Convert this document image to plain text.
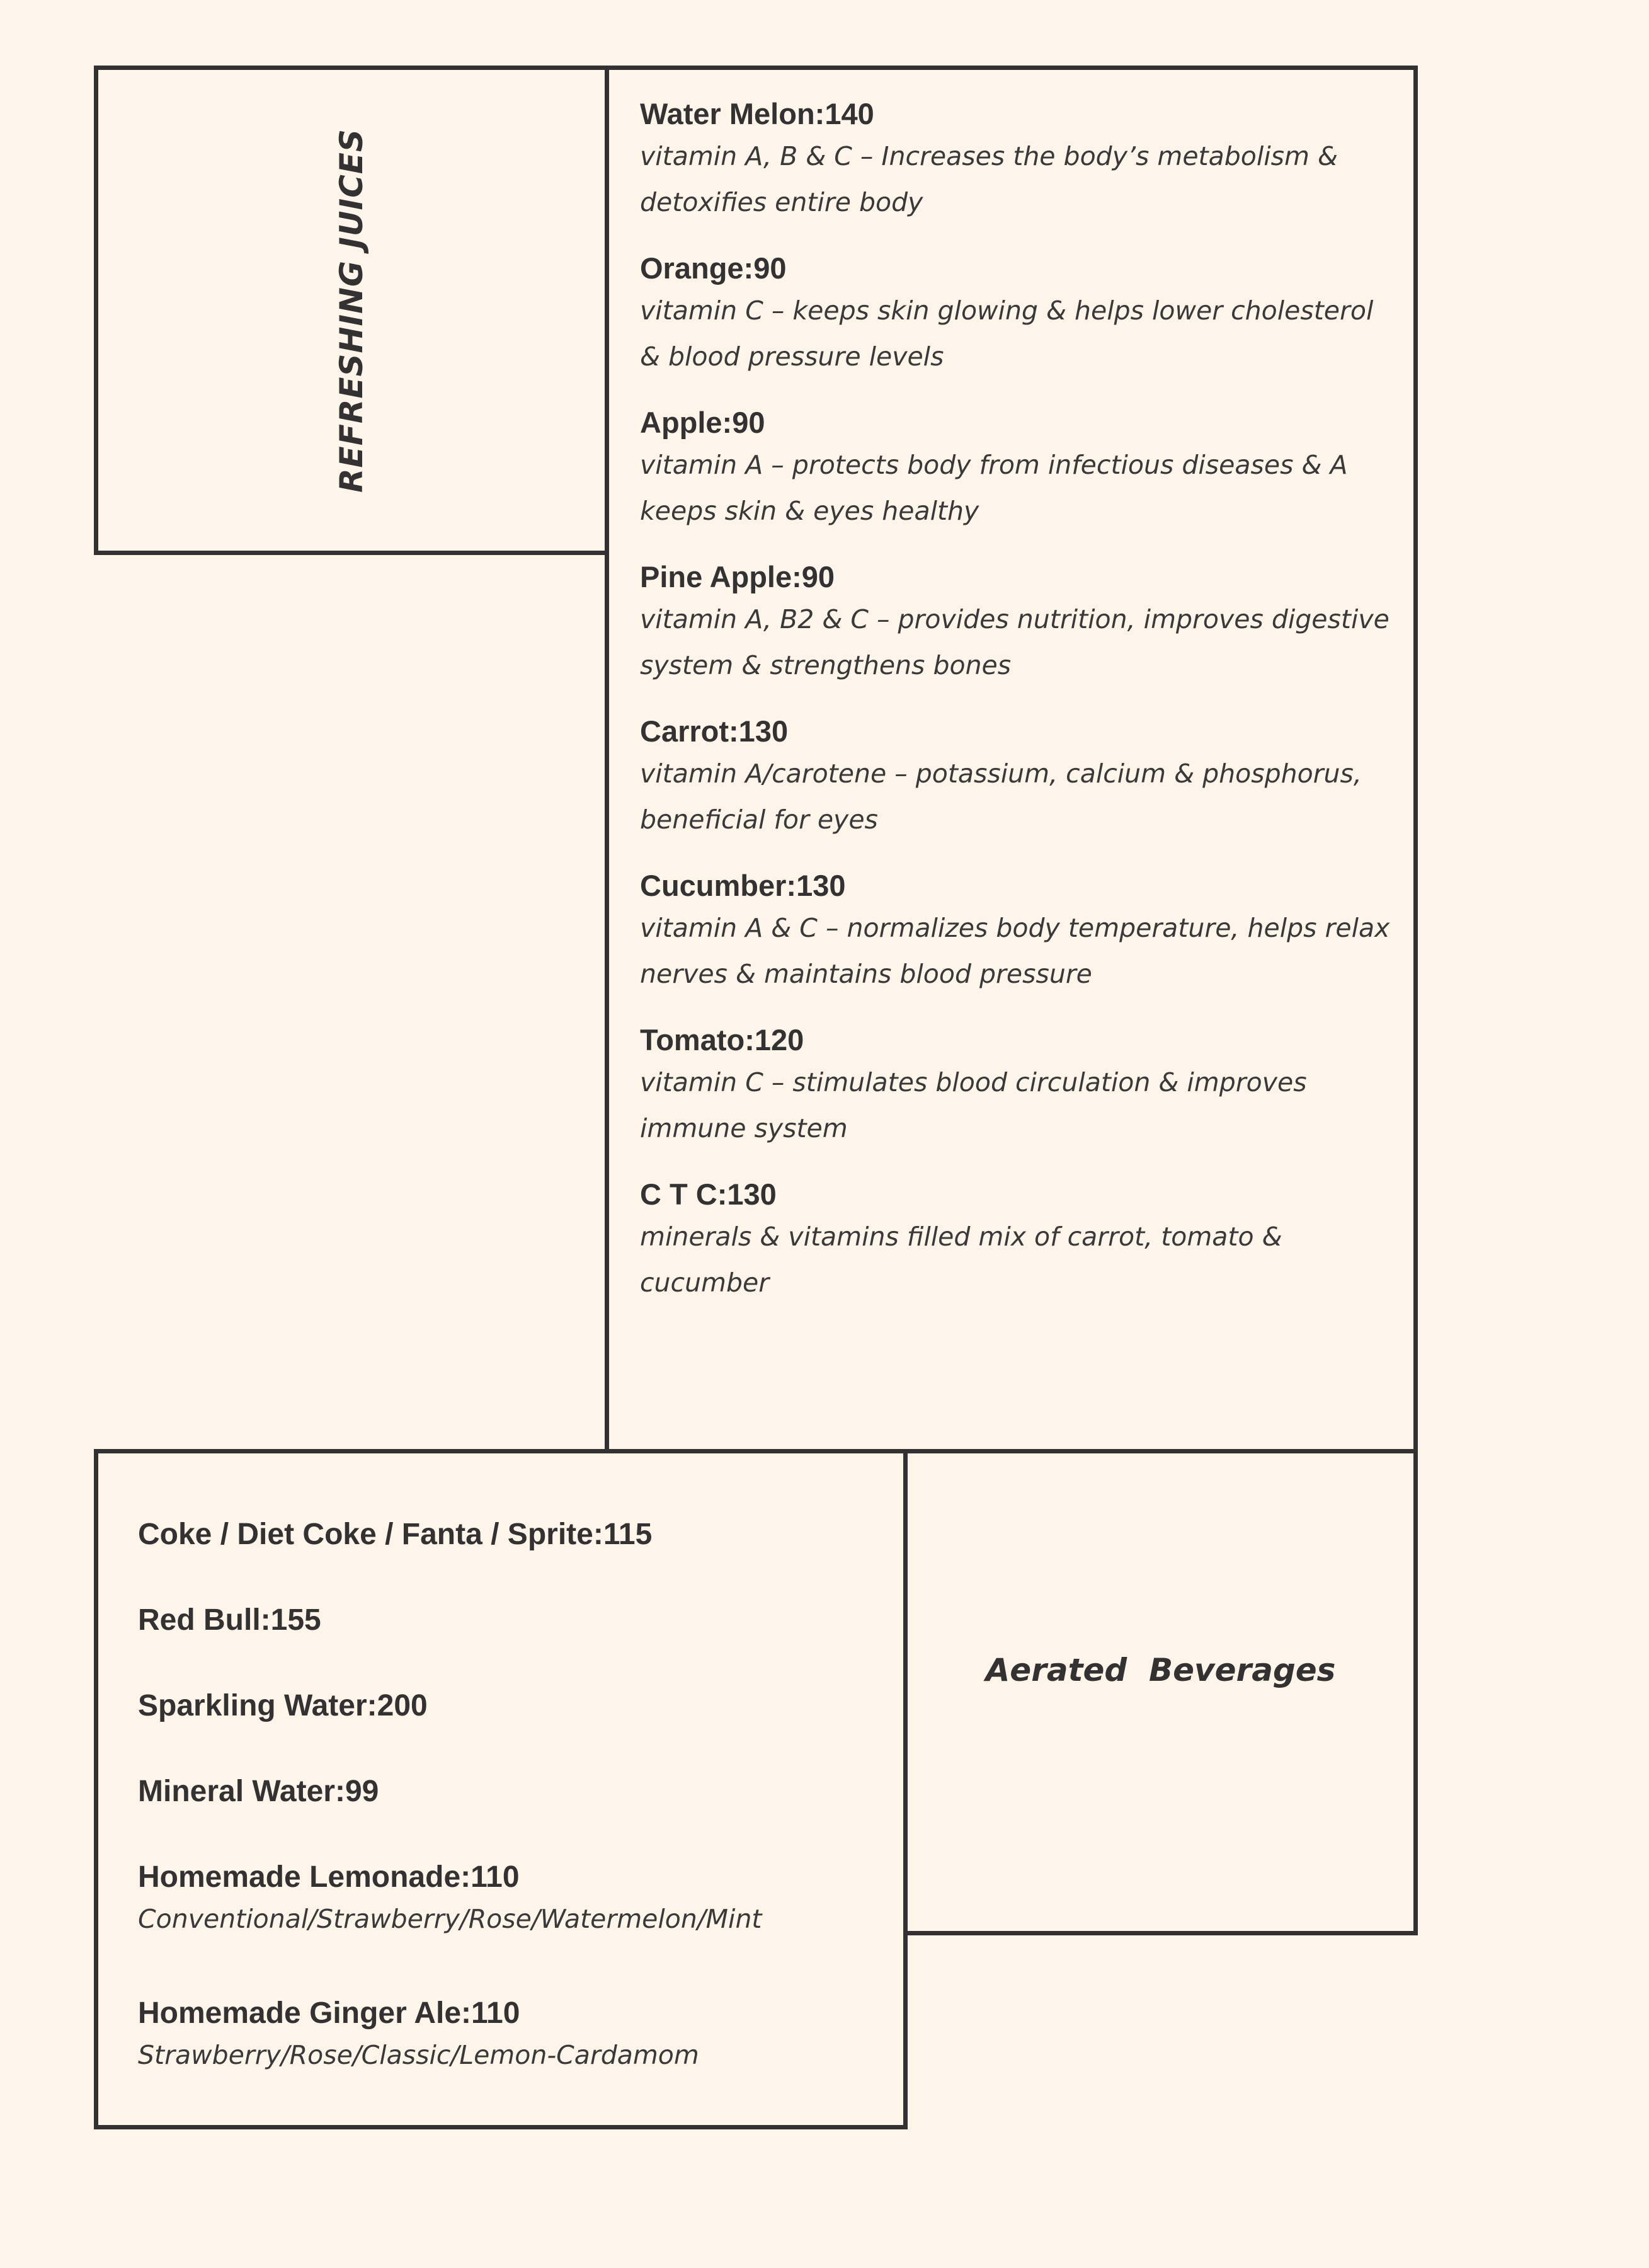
REFRESHING JUICES
Water Melon:140
vitamin A, B & C – Increases the body’s metabolism &
detoxifies entire body
Orange:90
vitamin C – keeps skin glowing & helps lower cholesterol
& blood pressure levels
Apple:90
vitamin A – protects body from infectious diseases & A
keeps skin & eyes healthy
Pine Apple:90
vitamin A, B2 & C – provides nutrition, improves digestive
system & strengthens bones
Carrot:130
vitamin A/carotene – potassium, calcium & phosphorus,
beneficial for eyes
Cucumber:130
vitamin A & C – normalizes body temperature, helps relax
nerves & maintains blood pressure
Tomato:120
vitamin C – stimulates blood circulation & improves
immune system
C T C:130
minerals & vitamins filled mix of carrot, tomato &
cucumber
Coke / Diet Coke / Fanta / Sprite:115
Red Bull:155
Sparkling Water:200
Mineral Water:99
Homemade Lemonade:110
Conventional/Strawberry/Rose/Watermelon/Mint
Homemade Ginger Ale:110
Strawberry/Rose/Classic/Lemon-Cardamom
Aerated  Beverages
